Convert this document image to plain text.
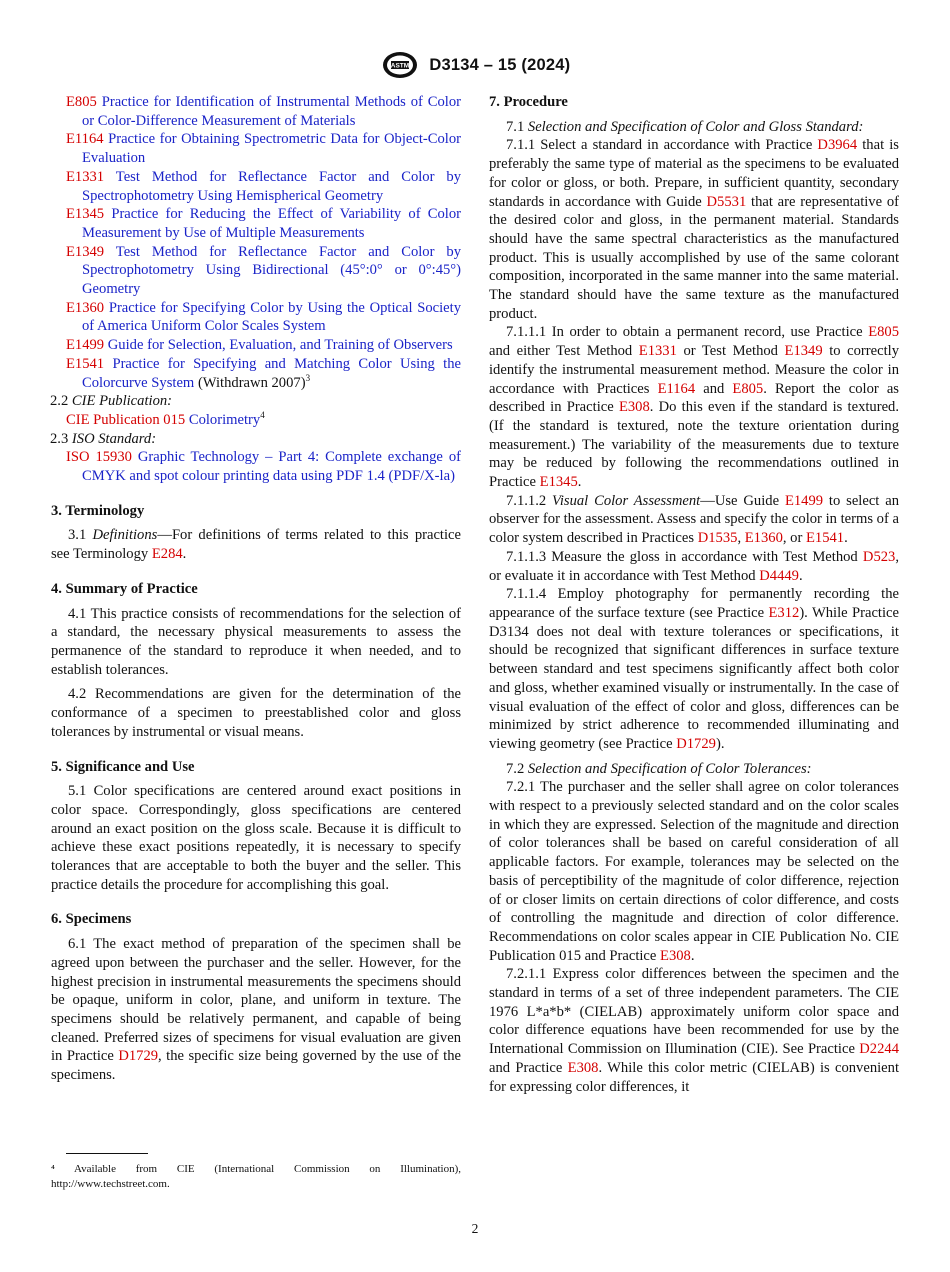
ASTM D3134 – 15 (2024)

E805 Practice for Identification of Instrumental Methods of Color or Color-Difference Measurement of Materials

E1164 Practice for Obtaining Spectrometric Data for Object-Color Evaluation

E1331 Test Method for Reflectance Factor and Color by Spectrophotometry Using Hemispherical Geometry

E1345 Practice for Reducing the Effect of Variability of Color Measurement by Use of Multiple Measurements

E1349 Test Method for Reflectance Factor and Color by Spectrophotometry Using Bidirectional (45°:0° or 0°:45°) Geometry

E1360 Practice for Specifying Color by Using the Optical Society of America Uniform Color Scales System

E1499 Guide for Selection, Evaluation, and Training of Observers

E1541 Practice for Specifying and Matching Color Using the Colorcurve System (Withdrawn 2007)$^3$

2.2 CIE Publication:

CIE Publication 015 Colorimetry$^4$

2.3 ISO Standard:

ISO 15930 Graphic Technology – Part 4: Complete exchange of CMYK and spot colour printing data using PDF 1.4 (PDF/X-la)

3. Terminology

3.1 Definitions—For definitions of terms related to this practice see Terminology E284.

4. Summary of Practice

4.1 This practice consists of recommendations for the selection of a standard, the necessary physical measurements to assess the permanence of the standard to reproduce it when needed, and to establish tolerances.

4.2 Recommendations are given for the determination of the conformance of a specimen to preestablished color and gloss tolerances by instrumental or visual means.

5. Significance and Use

5.1 Color specifications are centered around exact positions in color space. Correspondingly, gloss specifications are centered around an exact position on the gloss scale. Because it is difficult to achieve these exact positions repeatedly, it is necessary to specify tolerances that are acceptable to both the buyer and the seller. This practice details the procedure for accomplishing this goal.

6. Specimens

6.1 The exact method of preparation of the specimen shall be agreed upon between the purchaser and the seller. However, for the highest precision in instrumental measurements the specimens should be opaque, uniform in color, plane, and uniform in texture. The specimens should be relatively permanent, and capable of being cleaned. Preferred sizes of specimens for visual evaluation are given in Practice D1729, the specific size being governed by the use of the specimens.

⁴ Available from CIE (International Commission on Illumination), http://www.techstreet.com.
7. Procedure

7.1 Selection and Specification of Color and Gloss Standard:

7.1.1 Select a standard in accordance with Practice D3964 that is preferably the same type of material as the specimens to be evaluated for color or gloss, or both. Prepare, in sufficient quantity, secondary standards in accordance with Guide D5531 that are representative of the desired color and gloss, in the permanent material. Standards should have the same spectral characteristics as the manufactured product. This is usually accomplished by use of the same colorant composition, incorporated in the same manner into the same material. The standard should have the same texture as the manufactured product.

7.1.1.1 In order to obtain a permanent record, use Practice E805 and either Test Method E1331 or Test Method E1349 to correctly identify the instrumental measurement method. Measure the color in accordance with Practices E1164 and E805. Report the color as described in Practice E308. Do this even if the standard is textured. (If the standard is textured, note the texture orientation during measurement.) The variability of the measurements due to texture may be reduced by following the recommendations outlined in Practice E1345.

7.1.1.2 Visual Color Assessment—Use Guide E1499 to select an observer for the assessment. Assess and specify the color in terms of a color system described in Practices D1535, E1360, or E1541.

7.1.1.3 Measure the gloss in accordance with Test Method D523, or evaluate it in accordance with Test Method D4449.

7.1.1.4 Employ photography for permanently recording the appearance of the surface texture (see Practice E312). While Practice D3134 does not deal with texture tolerances or specifications, it should be recognized that significant differences in surface texture between standard and test specimens significantly affect both color and gloss, whether examined visually or instrumentally. In the case of visual evaluation of the effect of color and gloss, differences can be minimized by strict adherence to recommended illuminating and viewing geometry (see Practice D1729).

7.2 Selection and Specification of Color Tolerances:

7.2.1 The purchaser and the seller shall agree on color tolerances with respect to a previously selected standard and on the color scales in which they are expressed. Selection of the magnitude and direction of color tolerances shall be based on careful consideration of all applicable factors. For example, tolerances may be selected on the basis of perceptibility of the magnitude of color difference, rejection of or closer limits on certain directions of color difference, and costs of controlling the magnitude and direction of color difference. Recommendations on color scales appear in CIE Publication No. CIE Publication 015 and Practice E308.

7.2.1.1 Express color differences between the specimen and the standard in terms of a set of three independent parameters. The CIE 1976 L*a*b* (CIELAB) approximately uniform color space and color difference equations have been recommended for use by the International Commission on Illumination (CIE). See Practice D2244 and Practice E308. While this color metric (CIELAB) is convenient for expressing color differences, it

2
